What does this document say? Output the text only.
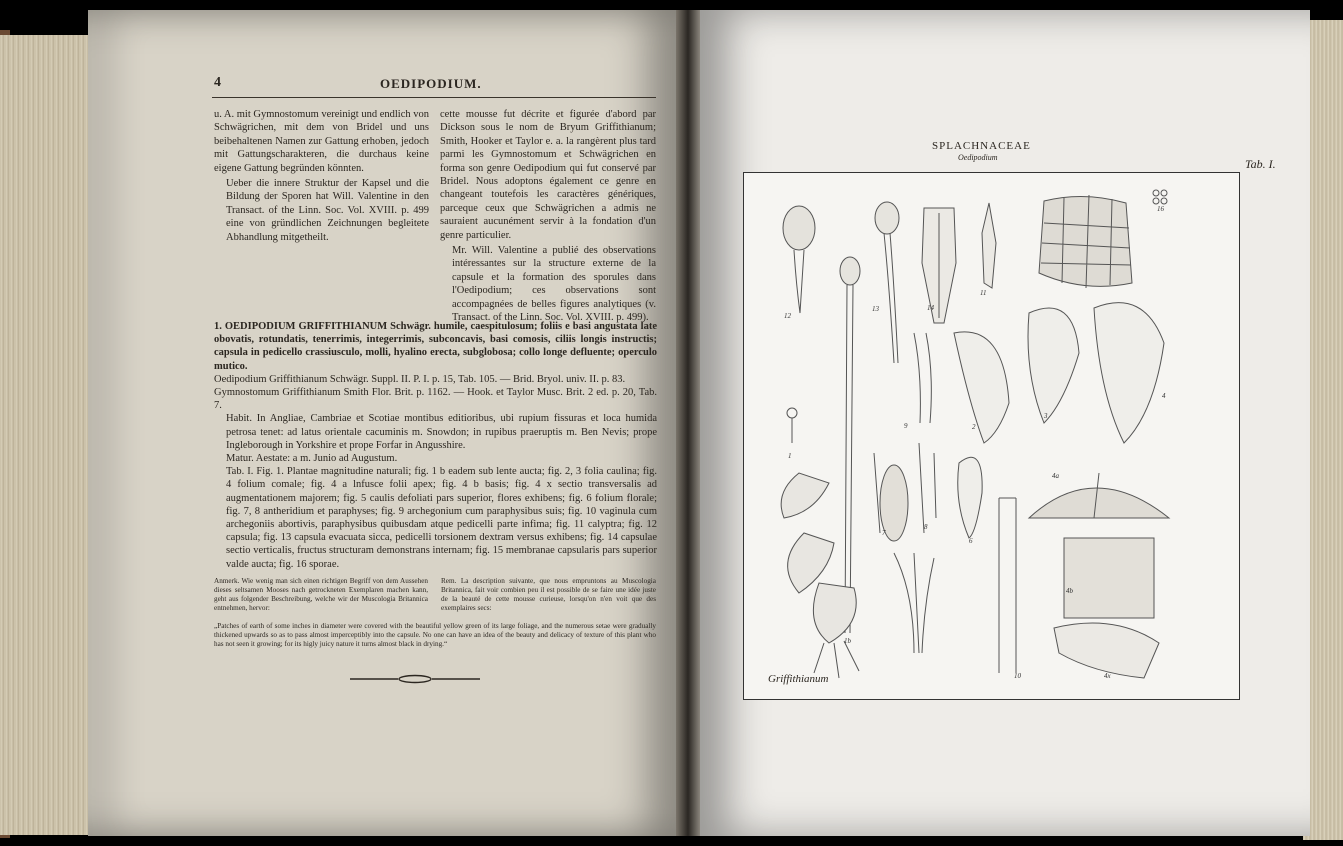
4	OEDIPODIUM.

u. A. mit Gymnostomum vereinigt und endlich von Schwägrichen, mit dem von Bridel und uns beibehaltenen Namen zur Gattung erhoben, jedoch mit Gattungscharakteren, die durchaus keine eigene Gattung begründen könnten.

Ueber die innere Struktur der Kapsel und die Bildung der Sporen hat Will. Valentine in den Transact. of the Linn. Soc. Vol. XVIII. p. 499 eine von gründlichen Zeichnungen begleitete Abhandlung mitgetheilt.

cette mousse fut décrite et figurée d'abord par Dickson sous le nom de Bryum Griffithianum; Smith, Hooker et Taylor e. a. la rangèrent plus tard parmi les Gymnostomum et Schwägrichen en forma son genre Oedipodium qui fut conservé par Bridel. Nous adoptons également ce genre en changeant toutefois les caractères génériques, parceque ceux que Schwägrichen a admis ne sauraient aucunément servir à la fondation d'un genre particulier.

Mr. Will. Valentine a publié des observations intéressantes sur la structure externe de la capsule et la formation des sporules dans l'Oedipodium; ces observations sont accompagnées de belles figures analytiques (v. Transact. of the Linn. Soc. Vol. XVIII. p. 499).

1. OEDIPODIUM GRIFFITHIANUM Schwägr. humile, caespitulosum; foliis e basi angustata late obovatis, rotundatis, tenerrimis, integerrimis, subconcavis, basi comosis, ciliis longis instructis; capsula in pedicello crassiusculo, molli, hyalino erecta, subglobosa; collo longe defluente; operculo mutico.

Oedipodium Griffithianum Schwägr. Suppl. II. P. I. p. 15, Tab. 105. — Brid. Bryol. univ. II. p. 83.

Gymnostomum Griffithianum Smith Flor. Brit. p. 1162. — Hook. et Taylor Musc. Brit. 2 ed. p. 20, Tab. 7.

Habit. In Angliae, Cambriae et Scotiae montibus editioribus, ubi rupium fissuras et loca humida petrosa tenet: ad latus orientale cacuminis m. Snowdon; in rupibus praeruptis m. Ben Nevis; prope Ingleborough in Yorkshire et prope Forfar in Angusshire.

Matur. Aestate: a m. Junio ad Augustum.

Tab. I. Fig. 1. Plantae magnitudine naturali; fig. 1 b eadem sub lente aucta; fig. 2, 3 folia caulina; fig. 4 folium comale; fig. 4 a lnfusce folii apex; fig. 4 b basis; fig. 4 x sectio transversalis ad augmentationem majorem; fig. 5 caulis defoliati pars superior, flores exhibens; fig. 6 folium florale; fig. 7, 8 antheridium et paraphyses; fig. 9 archegonium cum paraphysibus suis; fig. 10 vaginula cum archegoniis abortivis, paraphysibus quibusdam atque pedicelli parte infima; fig. 11 calyptra; fig. 12 capsula; fig. 13 capsula evacuata sicca, pedicelli torsionem dextram versus exhibens; fig. 14 capsulae sectio verticalis, fructus structuram demonstrans internam; fig. 15 membranae capsularis pars superior valde aucta; fig. 16 sporae.

Anmerk. Wie wenig man sich einen richtigen Begriff von dem Aussehen dieses seltsamen Mooses nach getrockneten Exemplaren machen kann, geht aus folgender Beschreibung, welche wir der Muscologia Britannica entnehmen, hervor:
Rem. La description suivante, que nous empruntons au Muscologia Britannica, fait voir combien peu il est possible de se faire une idée juste de la beauté de cette mousse curieuse, lorsqu'on n'en voit que des exemplaires secs:
„Patches of earth of some inches in diameter were covered with the beautiful yellow green of its large foliage, and the numerous setae were gradually thickened upwards so as to pass almost imperceptibly into the capsule. No one can have an idea of the beauty and delicacy of texture of this plant who has not seen it growing; for its higly juicy nature it turns almost black in drying.“
SPLACHNACEAE
Oedipodium	Tab. I.
12
13	14
11
16
4
3
2
1
7
8
6
9
1b
10
4a
4b
4x
Griffithianum
